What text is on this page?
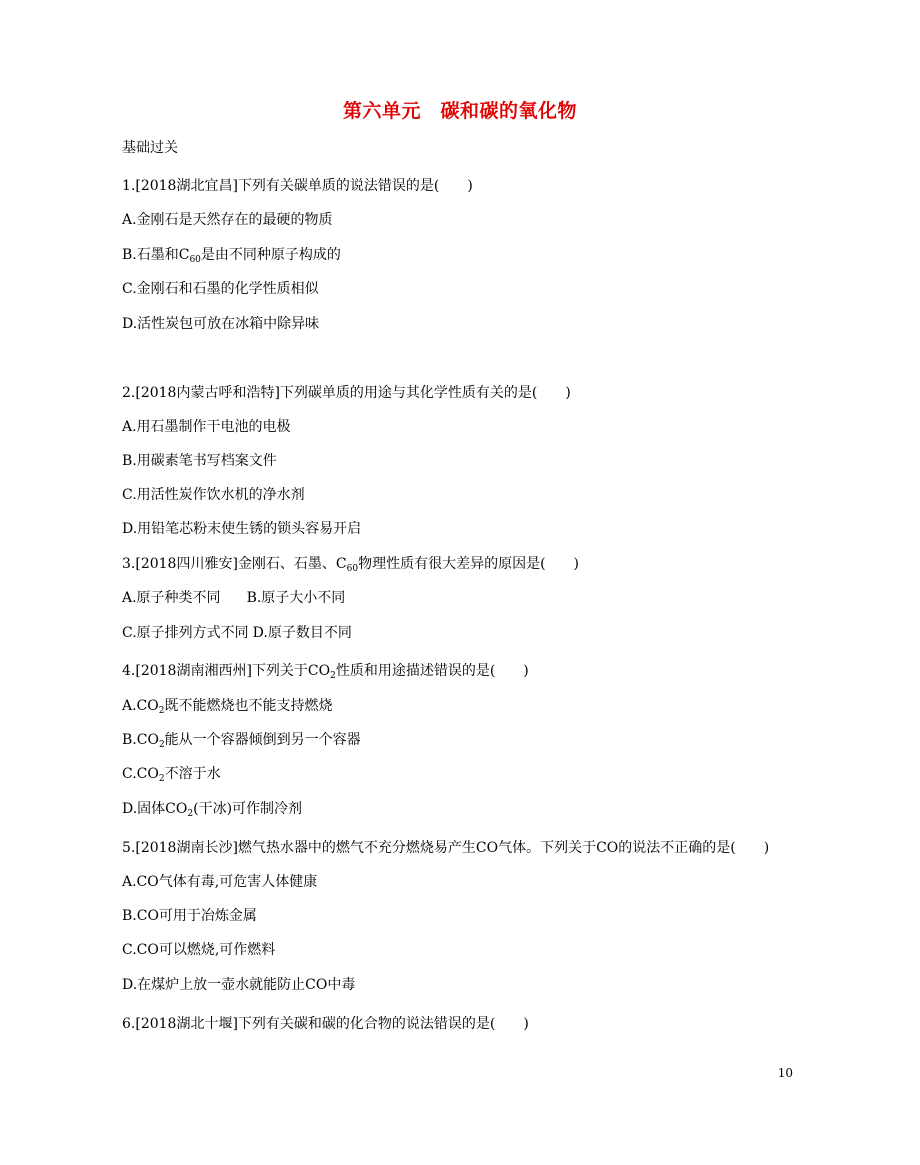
第六单元　碳和碳的氧化物
基础过关
1.[2018湖北宜昌]下列有关碳单质的说法错误的是(　　)
A.金刚石是天然存在的最硬的物质
B.石墨和$C_{60}$是由不同种原子构成的
C.金刚石和石墨的化学性质相似
D.活性炭包可放在冰箱中除异味
2.[2018内蒙古呼和浩特]下列碳单质的用途与其化学性质有关的是(　　)
A.用石墨制作干电池的电极
B.用碳素笔书写档案文件
C.用活性炭作饮水机的净水剂
D.用铅笔芯粉末使生锈的锁头容易开启
3.[2018四川雅安]金刚石、石墨、$C_{60}$物理性质有很大差异的原因是(　　)
A.原子种类不同 B.原子大小不同
C.原子排列方式不同 D.原子数目不同
4.[2018湖南湘西州]下列关于$CO_2$性质和用途描述错误的是(　　)
$A.CO_2$既不能燃烧也不能支持燃烧
$B.CO_2$能从一个容器倾倒到另一个容器
$C.CO_2$不溶于水
D.固体$CO_2$(干冰)可作制冷剂
5.[2018湖南长沙]燃气热水器中的燃气不充分燃烧易产生CO气体。下列关于CO的说法不正确的是(　　)
A.CO气体有毒,可危害人体健康
B.CO可用于冶炼金属
C.CO可以燃烧,可作燃料
D.在煤炉上放一壶水就能防止CO中毒
6.[2018湖北十堰]下列有关碳和碳的化合物的说法错误的是(　　)
10
